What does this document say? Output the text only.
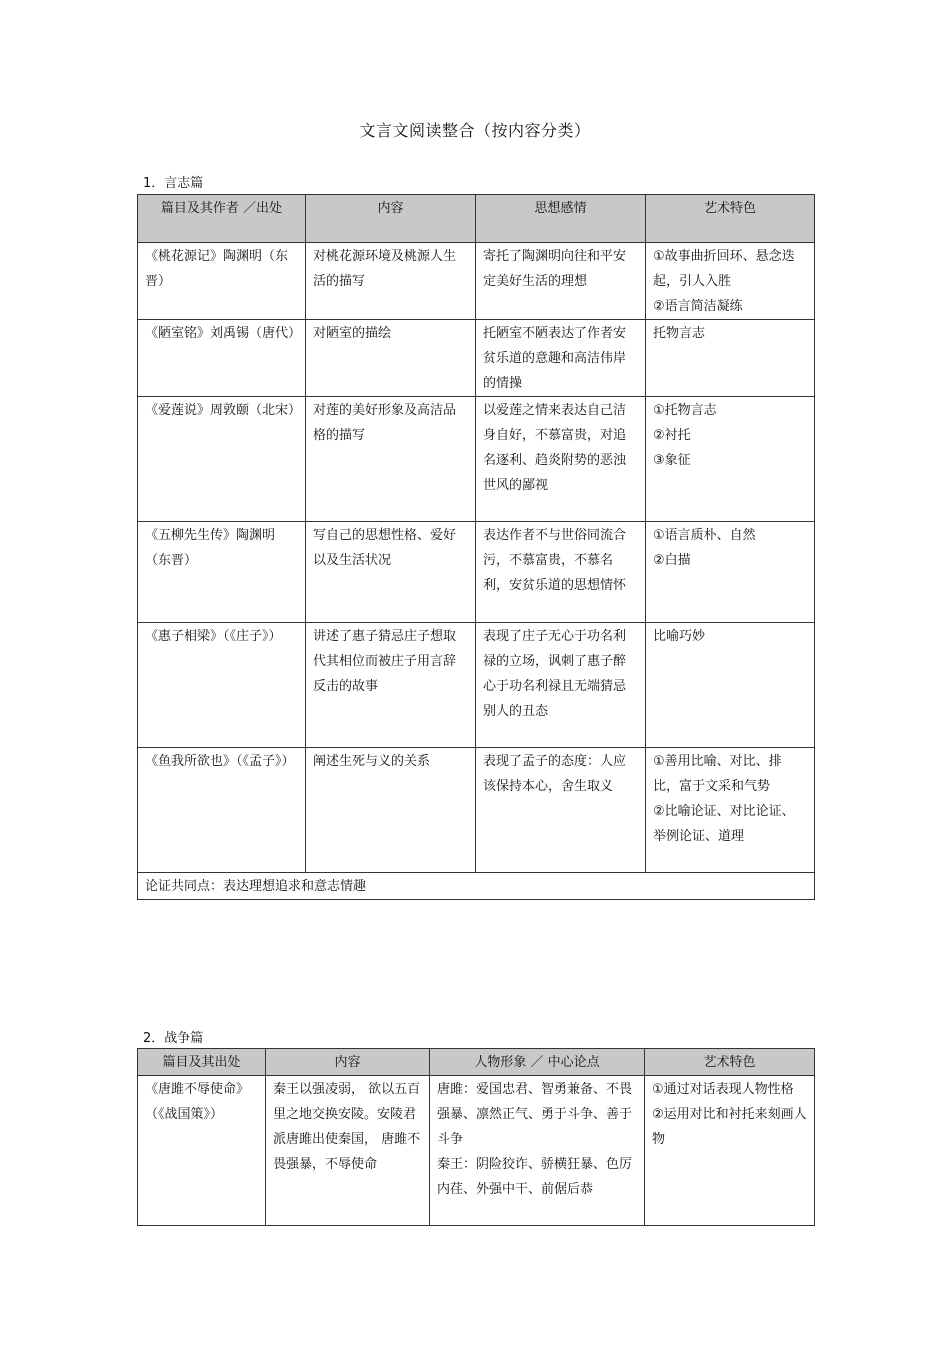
文言文阅读整合（按内容分类）
1．言志篇
篇目及其作者 ／出处	内容	思想感情	艺术特色
《桃花源记》陶渊明（东晋）	对桃花源环境及桃源人生活的描写	寄托了陶渊明向往和平安定美好生活的理想	①故事曲折回环、悬念迭起，引人入胜
②语言简洁凝练
《陋室铭》刘禹锡（唐代）	对陋室的描绘	托陋室不陋表达了作者安贫乐道的意趣和高洁伟岸的情操	托物言志
《爱莲说》周敦颐（北宋）	对莲的美好形象及高洁品格的描写	以爱莲之情来表达自己洁身自好，不慕富贵，对追名逐利、趋炎附势的恶浊世风的鄙视	①托物言志
②衬托
③象征
《五柳先生传》陶渊明（东晋）	写自己的思想性格、爱好以及生活状况	表达作者不与世俗同流合污，不慕富贵，不慕名利，安贫乐道的思想情怀	①语言质朴、自然
②白描
《惠子相梁》（《庄子》）	讲述了惠子猜忌庄子想取代其相位而被庄子用言辞反击的故事	表现了庄子无心于功名利禄的立场，讽刺了惠子醉心于功名利禄且无端猜忌别人的丑态	比喻巧妙
《鱼我所欲也》（《孟子》）	阐述生死与义的关系	表现了孟子的态度：人应该保持本心，舍生取义	①善用比喻、对比、排比，富于文采和气势
②比喻论证、对比论证、举例论证、道理
论证共同点：表达理想追求和意志情趣			
2．战争篇
篇目及其出处	内容	人物形象 ／ 中心论点	艺术特色
《唐雎不辱使命》（《战国策》）	秦王以强凌弱， 欲以五百里之地交换安陵。安陵君派唐雎出使秦国， 唐雎不畏强暴，不辱使命	唐雎：爱国忠君、智勇兼备、不畏强暴、凛然正气、勇于斗争、善于斗争
秦王：阴险狡诈、骄横狂暴、色厉内荏、外强中干、前倨后恭	①通过对话表现人物性格
②运用对比和衬托来刻画人物
